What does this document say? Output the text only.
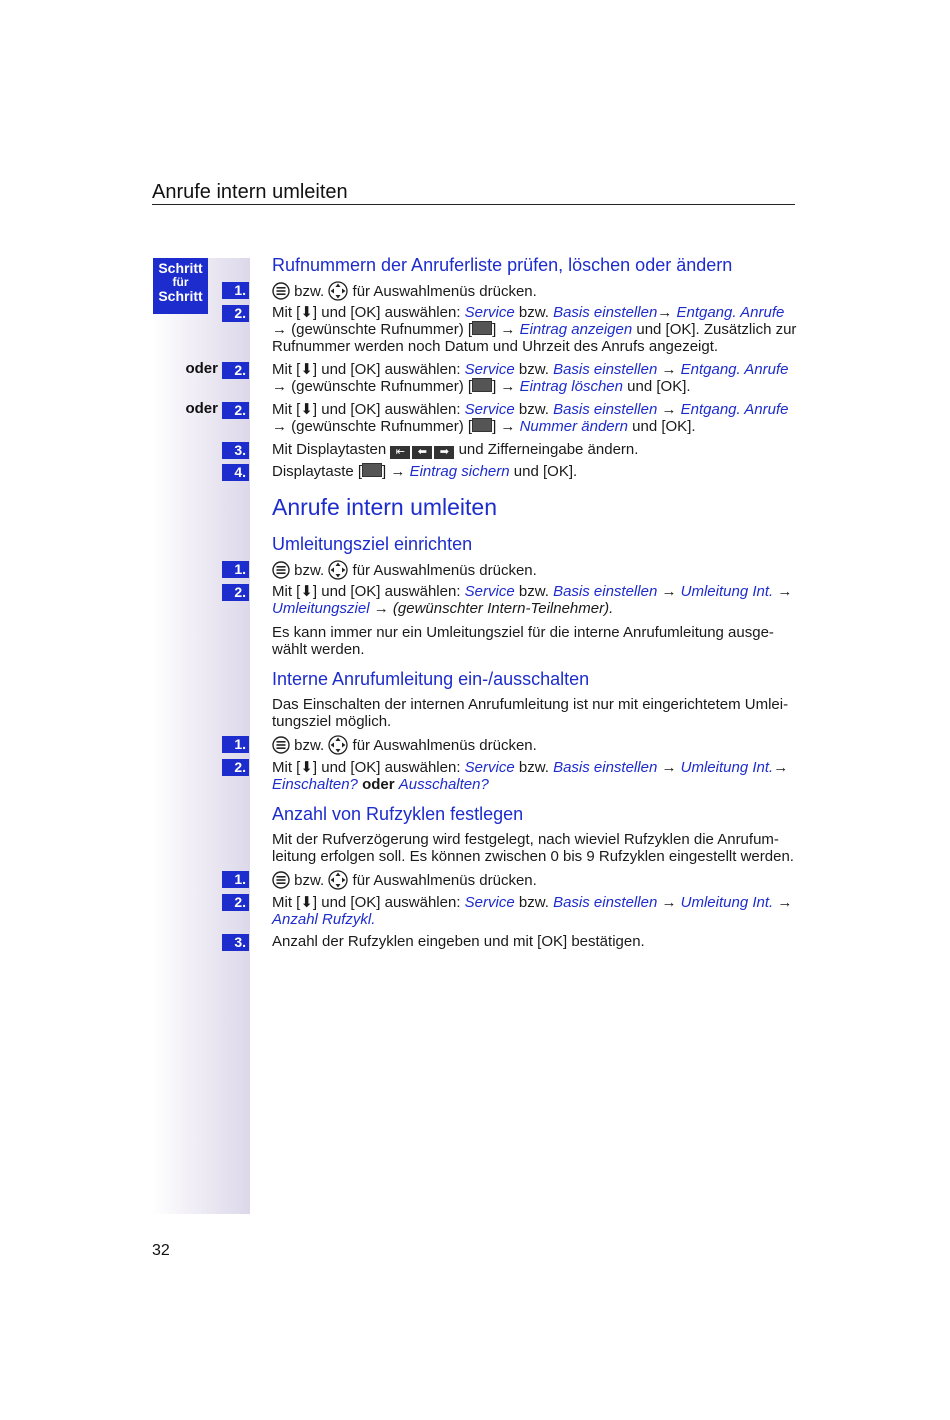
Anrufe intern umleiten
Schritt
für
Schritt
Rufnummern der Anruferliste prüfen, löschen oder ändern
1.	bzw. für Auswahlmenüs drücken.
2. Mit [⬇] und [OK] auswählen: Service bzw. Basis einstellen→ Entgang. Anrufe
→ (gewünschte Rufnummer) [ ] → Eintrag anzeigen und [OK]. Zusätzlich zur
Rufnummer werden noch Datum und Uhrzeit des Anrufs angezeigt.
oder	2. Mit [⬇] und [OK] auswählen: Service bzw. Basis einstellen → Entgang. Anrufe
→ (gewünschte Rufnummer) [ ] → Eintrag löschen und [OK].
oder	2. Mit [⬇] und [OK] auswählen: Service bzw. Basis einstellen → Entgang. Anrufe
→ (gewünschte Rufnummer) [ ] → Nummer ändern und [OK].
3. Mit Displaytasten ⇤ ⬅ ➡ und Zifferneingabe ändern.
4. Displaytaste [ ] → Eintrag sichern und [OK].
Anrufe intern umleiten
Umleitungsziel einrichten
1.	bzw. für Auswahlmenüs drücken.
2. Mit [⬇] und [OK] auswählen: Service bzw. Basis einstellen → Umleitung Int. →
Umleitungsziel → (gewünschter Intern-Teilnehmer).
Es kann immer nur ein Umleitungsziel für die interne Anrufumleitung ausge-
wählt werden.
Interne Anrufumleitung ein-/ausschalten
Das Einschalten der internen Anrufumleitung ist nur mit eingerichtetem Umlei-
tungsziel möglich.
1.	bzw. für Auswahlmenüs drücken.
2. Mit [⬇] und [OK] auswählen: Service bzw. Basis einstellen → Umleitung Int.→
Einschalten? oder Ausschalten?
Anzahl von Rufzyklen festlegen
Mit der Rufverzögerung wird festgelegt, nach wieviel Rufzyklen die Anrufum-
leitung erfolgen soll. Es können zwischen 0 bis 9 Rufzyklen eingestellt werden.
1.	bzw. für Auswahlmenüs drücken.
2. Mit [⬇] und [OK] auswählen: Service bzw. Basis einstellen → Umleitung Int. →
Anzahl Rufzykl.
3. Anzahl der Rufzyklen eingeben und mit [OK] bestätigen.
32
